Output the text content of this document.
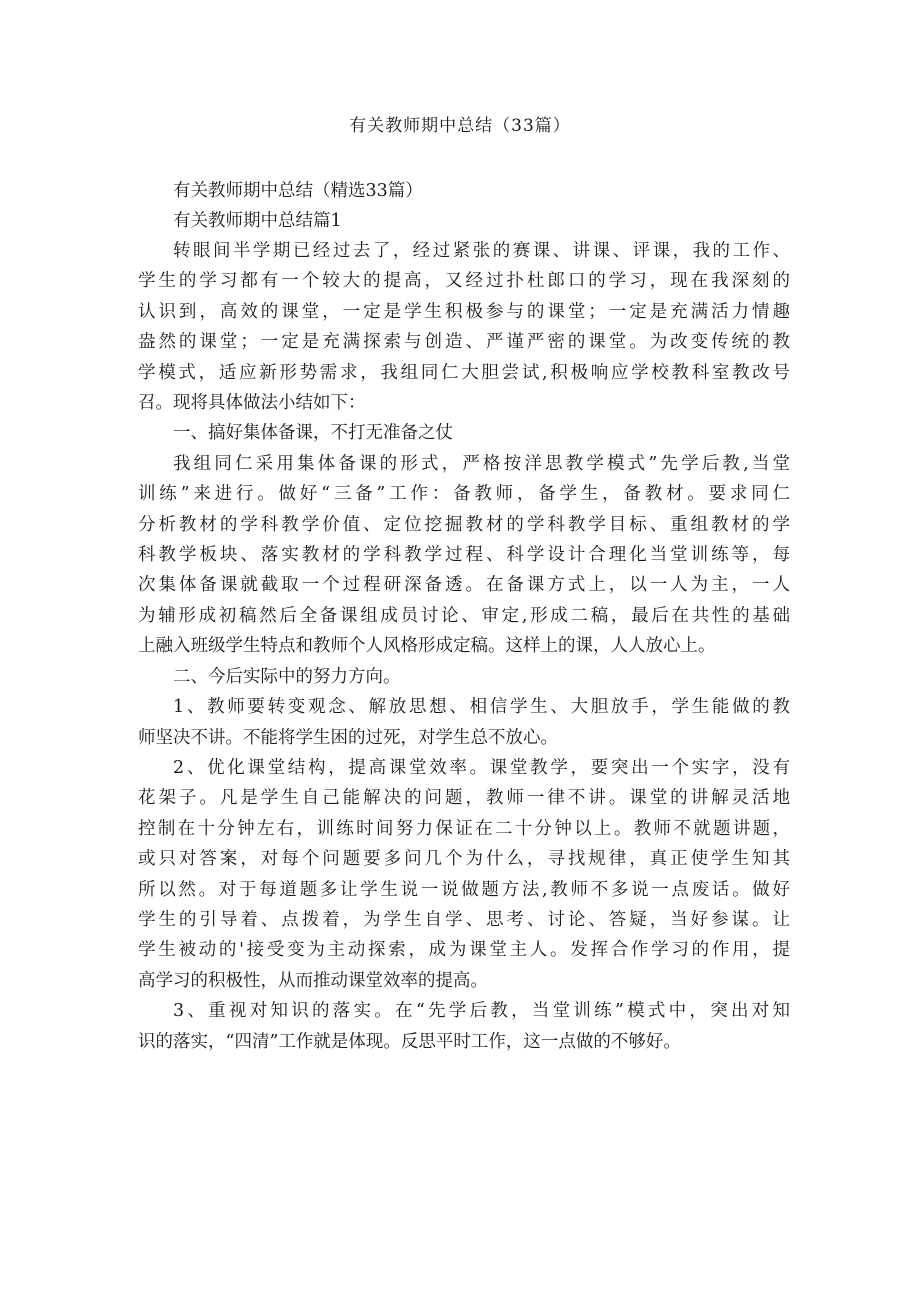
有关教师期中总结（33篇）

有关教师期中总结（精选33篇）

有关教师期中总结篇1

转眼间半学期已经过去了，经过紧张的赛课、讲课、评课，我的工作、
学生的学习都有一个较大的提高，又经过扑杜郎口的学习，现在我深刻的
认识到，高效的课堂，一定是学生积极参与的课堂；一定是充满活力情趣
盎然的课堂；一定是充满探索与创造、严谨严密的课堂。为改变传统的教
学模式，适应新形势需求，我组同仁大胆尝试,积极响应学校教科室教改号
召。现将具体做法小结如下：
一、搞好集体备课，不打无准备之仗
我组同仁采用集体备课的形式，严格按洋思教学模式”先学后教,当堂
训练”来进行。做好“三备”工作：备教师，备学生，备教材。要求同仁
分析教材的学科教学价值、定位挖掘教材的学科教学目标、重组教材的学
科教学板块、落实教材的学科教学过程、科学设计合理化当堂训练等，每
次集体备课就截取一个过程研深备透。在备课方式上，以一人为主，一人
为辅形成初稿然后全备课组成员讨论、审定,形成二稿，最后在共性的基础
上融入班级学生特点和教师个人风格形成定稿。这样上的课，人人放心上。
二、今后实际中的努力方向。
1、教师要转变观念、解放思想、相信学生、大胆放手，学生能做的教
师坚决不讲。不能将学生困的过死，对学生总不放心。
2、优化课堂结构，提高课堂效率。课堂教学，要突出一个实字，没有
花架子。凡是学生自己能解决的问题，教师一律不讲。课堂的讲解灵活地
控制在十分钟左右，训练时间努力保证在二十分钟以上。教师不就题讲题，
或只对答案，对每个问题要多问几个为什么，寻找规律，真正使学生知其
所以然。对于每道题多让学生说一说做题方法,教师不多说一点废话。做好
学生的引导着、点拨着，为学生自学、思考、讨论、答疑，当好参谋。让
学生被动的'接受变为主动探索，成为课堂主人。发挥合作学习的作用，提
高学习的积极性，从而推动课堂效率的提高。
3、重视对知识的落实。在“先学后教，当堂训练”模式中，突出对知
识的落实，“四清”工作就是体现。反思平时工作，这一点做的不够好。
